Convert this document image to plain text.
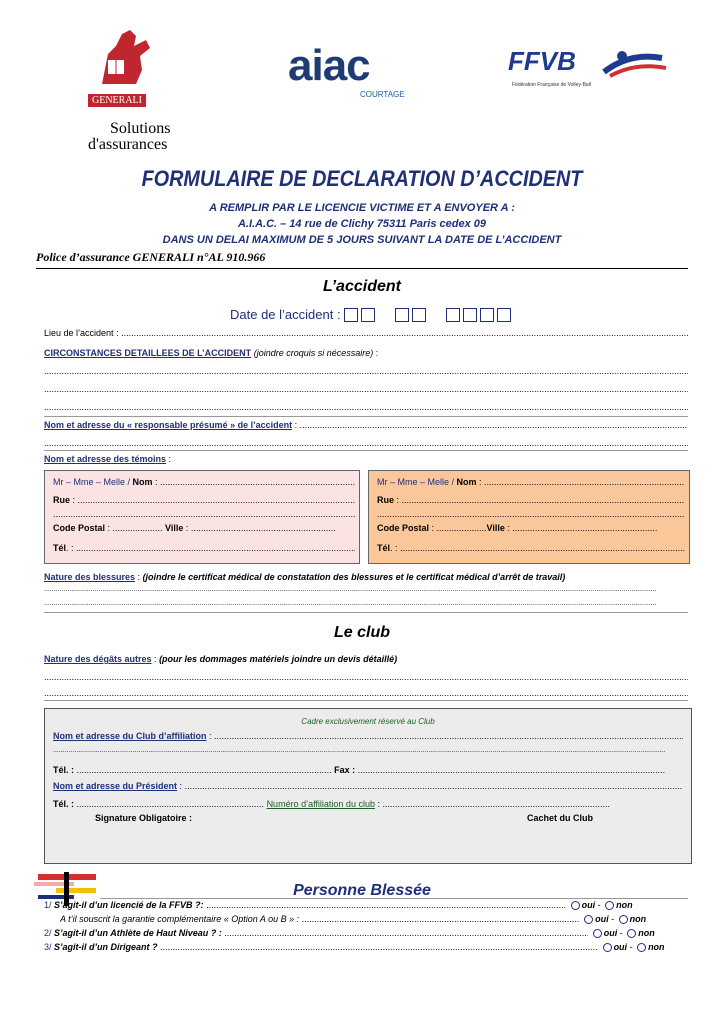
GENERALI
Solutions
d'assurances
aiac
COURTAGE
FFVB
Fédération Française de Volley-Ball
FORMULAIRE DE DECLARATION D’ACCIDENT
A REMPLIR PAR LE LICENCIE VICTIME ET A ENVOYER A :
A.I.A.C. – 14 rue de Clichy 75311 Paris cedex 09
DANS UN DELAI MAXIMUM DE 5 JOURS SUIVANT LA DATE DE L’ACCIDENT
Police d’assurance GENERALI n°AL 910.966
L’accident
Date de l’accident :
Lieu de l’accident : .....
CIRCONSTANCES DETAILLEES DE L’ACCIDENT (joindre croquis si nécessaire) :
.....
.....
.....
Nom et adresse du « responsable présumé » de l’accident : .....
.....
Nom et adresse des témoins :
Mr – Mme – Melle / Nom : .....
Rue : .....
.....
Code Postal : .................... Ville : ..........................................................
Tél. : .....
Mr – Mme – Melle / Nom : .....
Rue : .....
.....
Code Postal : ....................Ville : ..........................................................
Tél. : .....
Nature des blessures : (joindre le certificat médical de constatation des blessures et le certificat médical d’arrêt de travail)
.....
.....
Le club
Nature des dégâts autres : (pour les dommages matériels joindre un devis détaillé)
.....
.....
Cadre exclusivement réservé au Club
Nom et adresse du Club d’affiliation : .....
.....
Tél. : ...................................................................................................... Fax : ...........................................................................................................................
Nom et adresse du Président : .....
Tél. : ........................................................................... Numéro d’affiliation du club : ...........................................................................................
Signature Obligatoire :	Cachet du Club
Personne Blessée
1/ S’agit-il d’un licencié de la FFVB ?: .....	oui - non
A t’il souscrit la garantie complémentaire « Option A ou B » : .....	oui - non
2/ S’agit-il d’un Athlète de Haut Niveau ? : .....	oui - non
3/ S’agit-il d’un Dirigeant ? .....	oui - non
